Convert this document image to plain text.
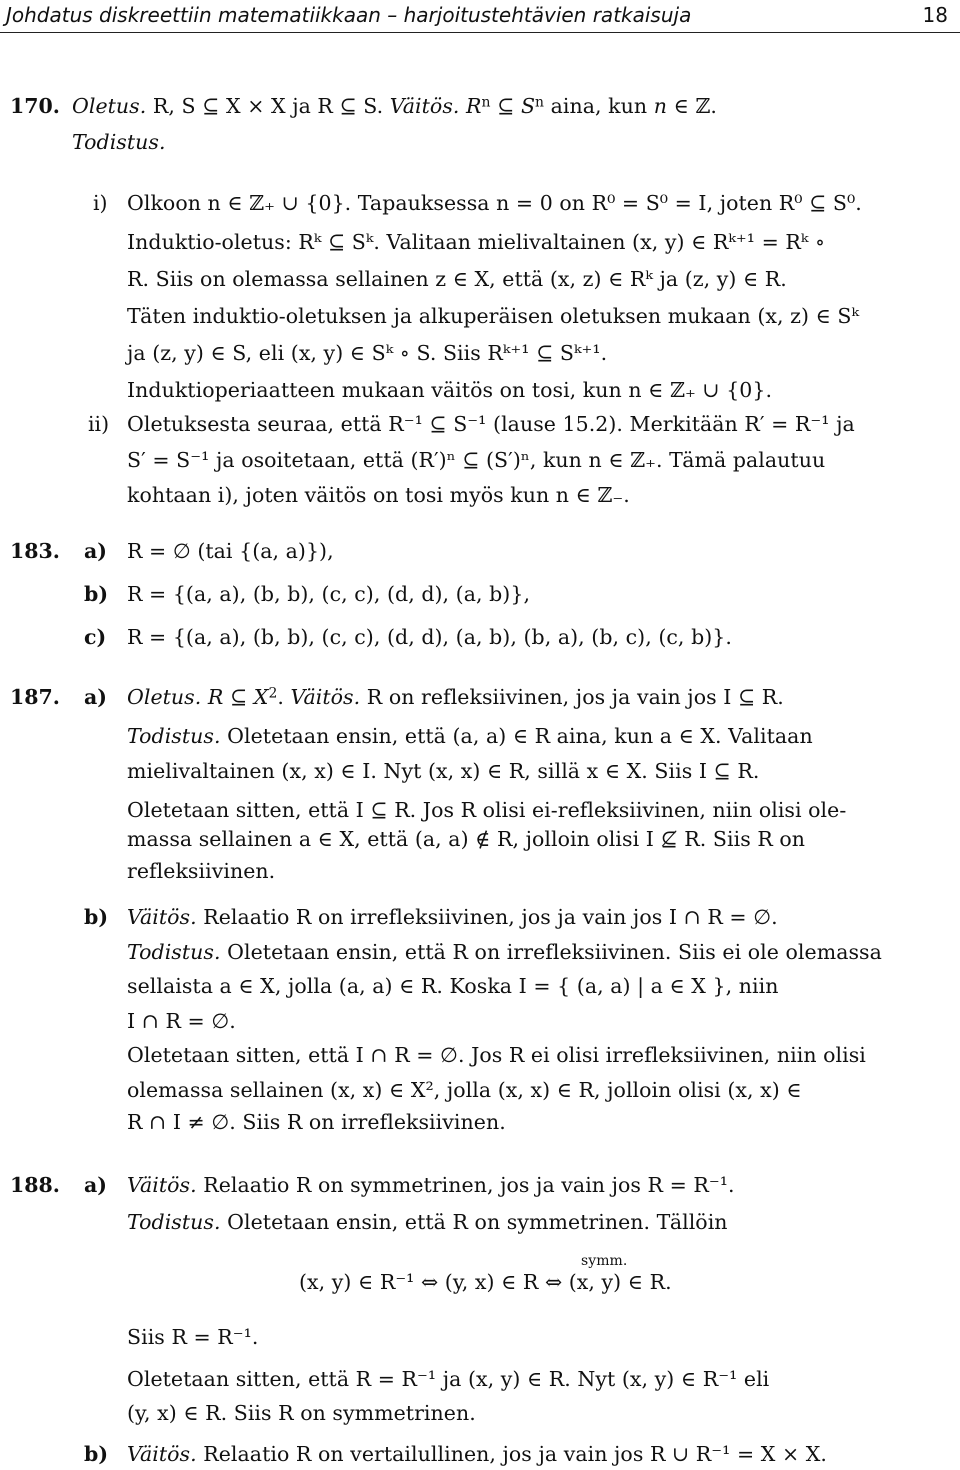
Johdatus diskreettiin matematiikkaan – harjoitustehtävien ratkaisuja	18
170. Oletus. R, S ⊆ X × X ja R ⊆ S. Väitös. $R^n$ ⊆ $S^n$ aina, kun n ∈ ℤ.
Todistus.
i) Olkoon n ∈ ℤ₊ ∪ {0}. Tapauksessa n = 0 on R⁰ = S⁰ = I, joten R⁰ ⊆ S⁰.
Induktio-oletus: Rᵏ ⊆ Sᵏ. Valitaan mielivaltainen (x, y) ∈ Rᵏ⁺¹ = Rᵏ ∘
R. Siis on olemassa sellainen z ∈ X, että (x, z) ∈ Rᵏ ja (z, y) ∈ R.
Täten induktio-oletuksen ja alkuperäisen oletuksen mukaan (x, z) ∈ Sᵏ
ja (z, y) ∈ S, eli (x, y) ∈ Sᵏ ∘ S. Siis Rᵏ⁺¹ ⊆ Sᵏ⁺¹.
Induktioperiaatteen mukaan väitös on tosi, kun n ∈ ℤ₊ ∪ {0}.
ii) Oletuksesta seuraa, että R⁻¹ ⊆ S⁻¹ (lause 15.2). Merkitään R′ = R⁻¹ ja
S′ = S⁻¹ ja osoitetaan, että (R′)ⁿ ⊆ (S′)ⁿ, kun n ∈ ℤ₊. Tämä palautuu
kohtaan i), joten väitös on tosi myös kun n ∈ ℤ₋.
183. a) R = ∅ (tai {(a, a)}),
b) R = {(a, a), (b, b), (c, c), (d, d), (a, b)},
c) R = {(a, a), (b, b), (c, c), (d, d), (a, b), (b, a), (b, c), (c, b)}.
187. a) Oletus. R ⊆ $X^2$. Väitös. R on refleksiivinen, jos ja vain jos I ⊆ R.
Todistus. Oletetaan ensin, että (a, a) ∈ R aina, kun a ∈ X. Valitaan
mielivaltainen (x, x) ∈ I. Nyt (x, x) ∈ R, sillä x ∈ X. Siis I ⊆ R.
Oletetaan sitten, että I ⊆ R. Jos R olisi ei-refleksiivinen, niin olisi ole-
massa sellainen a ∈ X, että (a, a) ∉ R, jolloin olisi I ⊈ R. Siis R on
refleksiivinen.
b) Väitös. Relaatio R on irrefleksiivinen, jos ja vain jos I ∩ R = ∅.
Todistus. Oletetaan ensin, että R on irrefleksiivinen. Siis ei ole olemassa
sellaista a ∈ X, jolla (a, a) ∈ R. Koska I = { (a, a) | a ∈ X }, niin
I ∩ R = ∅.
Oletetaan sitten, että I ∩ R = ∅. Jos R ei olisi irrefleksiivinen, niin olisi
olemassa sellainen (x, x) ∈ X², jolla (x, x) ∈ R, jolloin olisi (x, x) ∈
R ∩ I ≠ ∅. Siis R on irrefleksiivinen.
188. a) Väitös. Relaatio R on symmetrinen, jos ja vain jos R = R⁻¹.
Todistus. Oletetaan ensin, että R on symmetrinen. Tällöin
(x, y) ∈ R⁻¹ ⇔ (y, x) ∈ R ⇔ (x, y) ∈ R.
symm.
Siis R = R⁻¹.
Oletetaan sitten, että R = R⁻¹ ja (x, y) ∈ R. Nyt (x, y) ∈ R⁻¹ eli
(y, x) ∈ R. Siis R on symmetrinen.
b) Väitös. Relaatio R on vertailullinen, jos ja vain jos R ∪ R⁻¹ = X × X.
